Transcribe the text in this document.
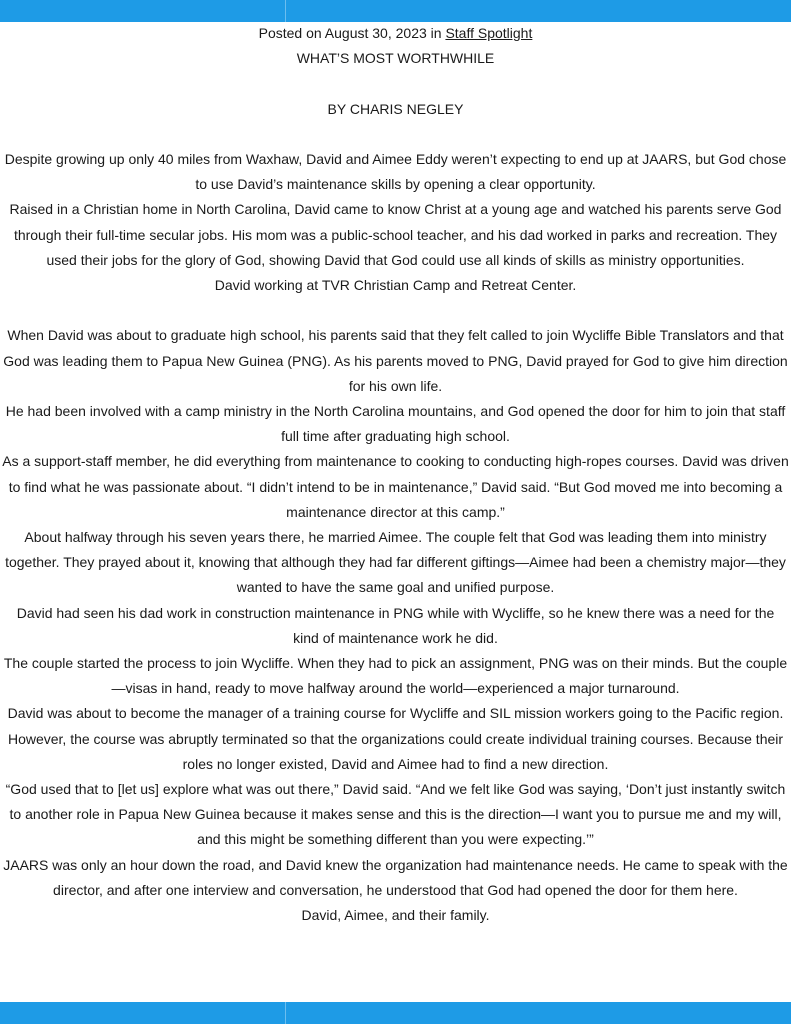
Posted on August 30, 2023 in Staff Spotlight

WHAT’S MOST WORTHWHILE

BY CHARIS NEGLEY

Despite growing up only 40 miles from Waxhaw, David and Aimee Eddy weren’t expecting to end up at JAARS, but God chose to use David’s maintenance skills by opening a clear opportunity.

Raised in a Christian home in North Carolina, David came to know Christ at a young age and watched his parents serve God through their full-time secular jobs. His mom was a public-school teacher, and his dad worked in parks and recreation. They used their jobs for the glory of God, showing David that God could use all kinds of skills as ministry opportunities.

David working at TVR Christian Camp and Retreat Center.

When David was about to graduate high school, his parents said that they felt called to join Wycliffe Bible Translators and that God was leading them to Papua New Guinea (PNG). As his parents moved to PNG, David prayed for God to give him direction for his own life.

He had been involved with a camp ministry in the North Carolina mountains, and God opened the door for him to join that staff full time after graduating high school.

As a support-staff member, he did everything from maintenance to cooking to conducting high-ropes courses. David was driven to find what he was passionate about. “I didn’t intend to be in maintenance,” David said. “But God moved me into becoming a maintenance director at this camp.”

About halfway through his seven years there, he married Aimee. The couple felt that God was leading them into ministry together. They prayed about it, knowing that although they had far different giftings—Aimee had been a chemistry major—they wanted to have the same goal and unified purpose.

David had seen his dad work in construction maintenance in PNG while with Wycliffe, so he knew there was a need for the kind of maintenance work he did.

The couple started the process to join Wycliffe. When they had to pick an assignment, PNG was on their minds. But the couple—visas in hand, ready to move halfway around the world—experienced a major turnaround.

David was about to become the manager of a training course for Wycliffe and SIL mission workers going to the Pacific region. However, the course was abruptly terminated so that the organizations could create individual training courses. Because their roles no longer existed, David and Aimee had to find a new direction.

“God used that to [let us] explore what was out there,” David said. “And we felt like God was saying, ‘Don’t just instantly switch to another role in Papua New Guinea because it makes sense and this is the direction—I want you to pursue me and my will, and this might be something different than you were expecting.’”

JAARS was only an hour down the road, and David knew the organization had maintenance needs. He came to speak with the director, and after one interview and conversation, he understood that God had opened the door for them here.

David, Aimee, and their family.
